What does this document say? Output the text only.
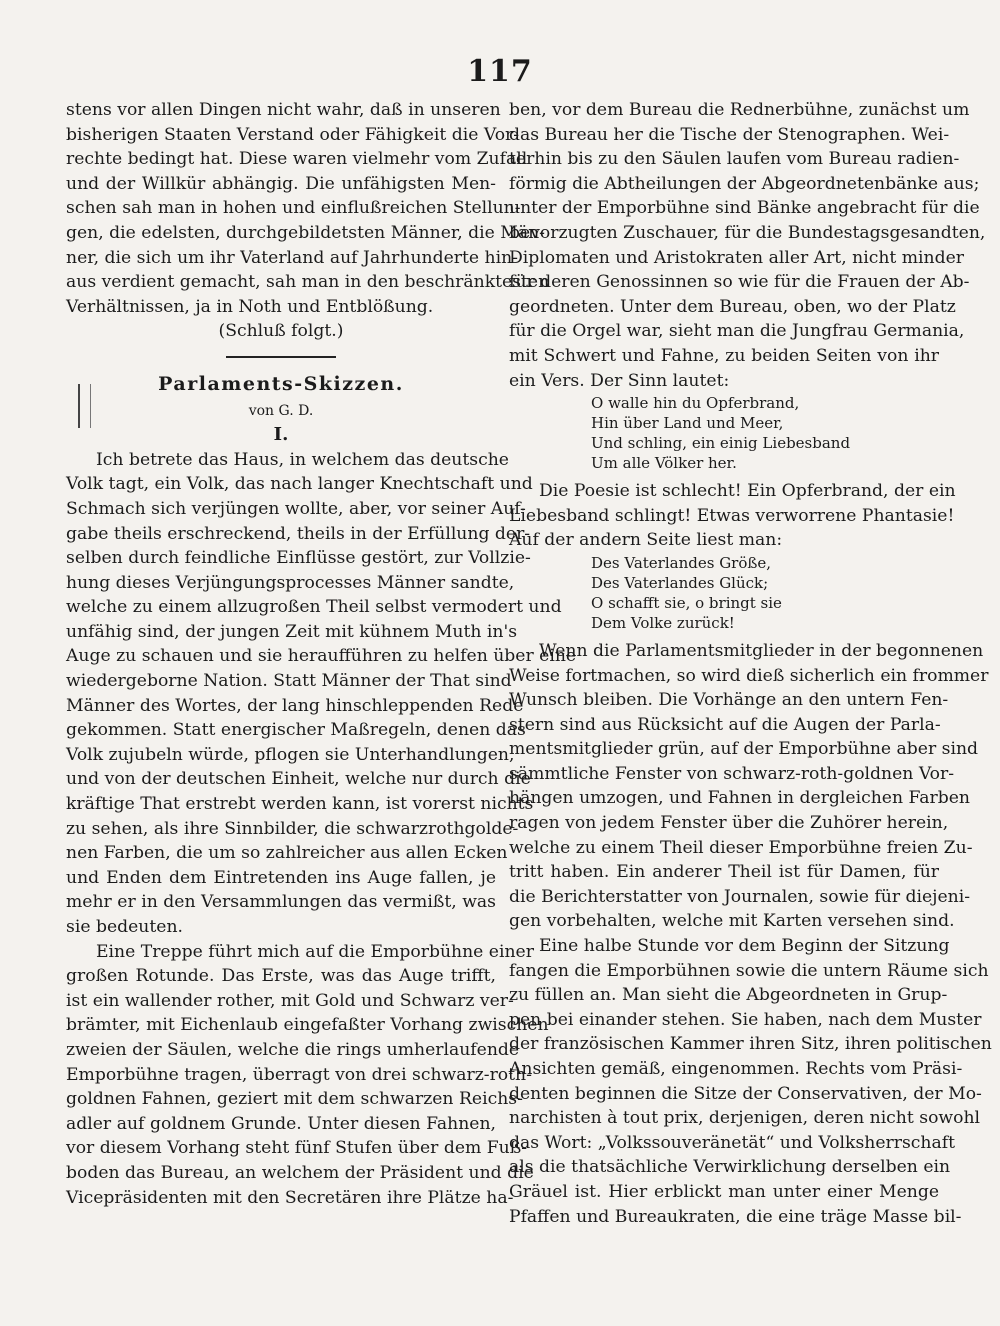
117
stens vor allen Dingen nicht wahr, daß in unseren
bisherigen Staaten Verstand oder Fähigkeit die Vor-
rechte bedingt hat. Diese waren vielmehr vom Zufall
und der Willkür abhängig. Die unfähigsten Men-
schen sah man in hohen und einflußreichen Stellun-
gen, die edelsten, durchgebildetsten Männer, die Män-
ner, die sich um ihr Vaterland auf Jahrhunderte hin-
aus verdient gemacht, sah man in den beschränktesten
Verhältnissen, ja in Noth und Entblößung.
(Schluß folgt.)
Parlaments-Skizzen.
von G. D.
I.
Ich betrete das Haus, in welchem das deutsche
Volk tagt, ein Volk, das nach langer Knechtschaft und
Schmach sich verjüngen wollte, aber, vor seiner Auf-
gabe theils erschreckend, theils in der Erfüllung der-
selben durch feindliche Einflüsse gestört, zur Vollzie-
hung dieses Verjüngungsprocesses Männer sandte,
welche zu einem allzugroßen Theil selbst vermodert und
unfähig sind, der jungen Zeit mit kühnem Muth in's
Auge zu schauen und sie heraufführen zu helfen über eine
wiedergeborne Nation. Statt Männer der That sind
Männer des Wortes, der lang hinschleppenden Rede
gekommen. Statt energischer Maßregeln, denen das
Volk zujubeln würde, pflogen sie Unterhandlungen,
und von der deutschen Einheit, welche nur durch die
kräftige That erstrebt werden kann, ist vorerst nichts
zu sehen, als ihre Sinnbilder, die schwarzrothgolde-
nen Farben, die um so zahlreicher aus allen Ecken
und Enden dem Eintretenden ins Auge fallen, je
mehr er in den Versammlungen das vermißt, was
sie bedeuten.
Eine Treppe führt mich auf die Emporbühne einer
großen Rotunde. Das Erste, was das Auge trifft,
ist ein wallender rother, mit Gold und Schwarz ver-
brämter, mit Eichenlaub eingefaßter Vorhang zwischen
zweien der Säulen, welche die rings umherlaufende
Emporbühne tragen, überragt von drei schwarz-roth-
goldnen Fahnen, geziert mit dem schwarzen Reichs-
adler auf goldnem Grunde. Unter diesen Fahnen,
vor diesem Vorhang steht fünf Stufen über dem Fuß-
boden das Bureau, an welchem der Präsident und die
Vicepräsidenten mit den Secretären ihre Plätze ha-
ben, vor dem Bureau die Rednerbühne, zunächst um
das Bureau her die Tische der Stenographen. Wei-
terhin bis zu den Säulen laufen vom Bureau radien-
förmig die Abtheilungen der Abgeordnetenbänke aus;
unter der Emporbühne sind Bänke angebracht für die
bevorzugten Zuschauer, für die Bundestagsgesandten,
Diplomaten und Aristokraten aller Art, nicht minder
für deren Genossinnen so wie für die Frauen der Ab-
geordneten. Unter dem Bureau, oben, wo der Platz
für die Orgel war, sieht man die Jungfrau Germania,
mit Schwert und Fahne, zu beiden Seiten von ihr
ein Vers. Der Sinn lautet:
O walle hin du Opferbrand,
Hin über Land und Meer,
Und schling, ein einig Liebesband
Um alle Völker her.
Die Poesie ist schlecht! Ein Opferbrand, der ein
Liebesband schlingt! Etwas verworrene Phantasie!
Auf der andern Seite liest man:
Des Vaterlandes Größe,
Des Vaterlandes Glück;
O schafft sie, o bringt sie
Dem Volke zurück!
Wenn die Parlamentsmitglieder in der begonnenen
Weise fortmachen, so wird dieß sicherlich ein frommer
Wunsch bleiben. Die Vorhänge an den untern Fen-
stern sind aus Rücksicht auf die Augen der Parla-
mentsmitglieder grün, auf der Emporbühne aber sind
sämmtliche Fenster von schwarz-roth-goldnen Vor-
hängen umzogen, und Fahnen in dergleichen Farben
ragen von jedem Fenster über die Zuhörer herein,
welche zu einem Theil dieser Emporbühne freien Zu-
tritt haben. Ein anderer Theil ist für Damen, für
die Berichterstatter von Journalen, sowie für diejeni-
gen vorbehalten, welche mit Karten versehen sind.
Eine halbe Stunde vor dem Beginn der Sitzung
fangen die Emporbühnen sowie die untern Räume sich
zu füllen an. Man sieht die Abgeordneten in Grup-
pen bei einander stehen. Sie haben, nach dem Muster
der französischen Kammer ihren Sitz, ihren politischen
Ansichten gemäß, eingenommen. Rechts vom Präsi-
denten beginnen die Sitze der Conservativen, der Mo-
narchisten à tout prix, derjenigen, deren nicht sowohl
das Wort: „Volkssouveränetät“ und Volksherrschaft
als die thatsächliche Verwirklichung derselben ein
Gräuel ist. Hier erblickt man unter einer Menge
Pfaffen und Bureaukraten, die eine träge Masse bil-
